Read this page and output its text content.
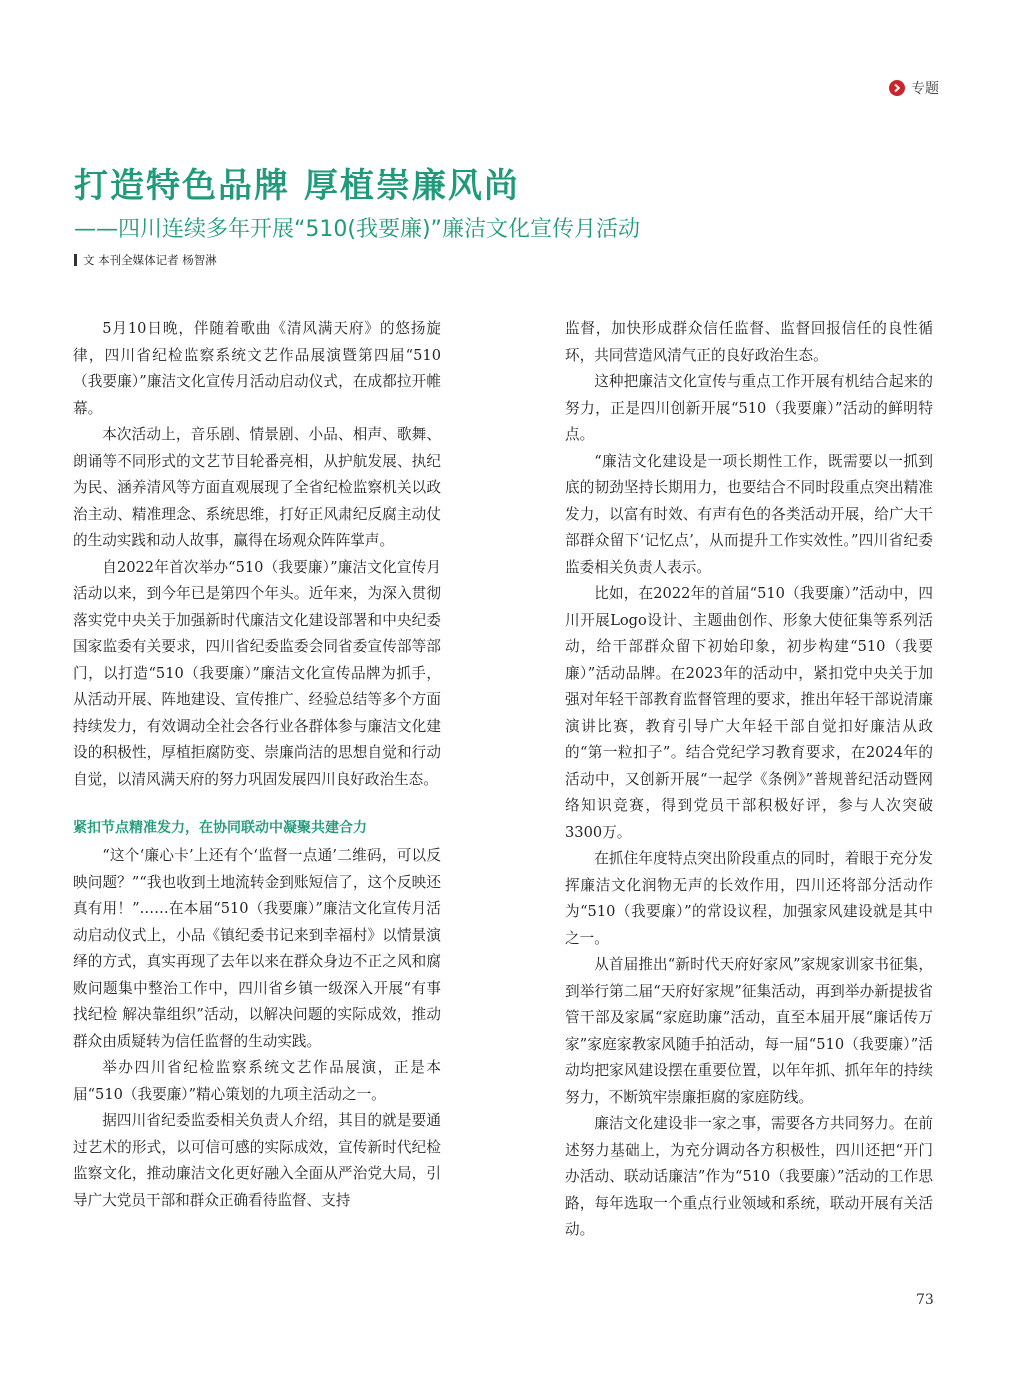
专题
打造特色品牌 厚植崇廉风尚
——四川连续多年开展“510(我要廉)”廉洁文化宣传月活动
文 本刊全媒体记者 杨智淋

5月10日晚，伴随着歌曲《清风满天府》的悠扬旋律，四川省纪检监察系统文艺作品展演暨第四届“510（我要廉）”廉洁文化宣传月活动启动仪式，在成都拉开帷幕。

本次活动上，音乐剧、情景剧、小品、相声、歌舞、朗诵等不同形式的文艺节目轮番亮相，从护航发展、执纪为民、涵养清风等方面直观展现了全省纪检监察机关以政治主动、精准理念、系统思维，打好正风肃纪反腐主动仗的生动实践和动人故事，赢得在场观众阵阵掌声。

自2022年首次举办“510（我要廉）”廉洁文化宣传月活动以来，到今年已是第四个年头。近年来，为深入贯彻落实党中央关于加强新时代廉洁文化建设部署和中央纪委国家监委有关要求，四川省纪委监委会同省委宣传部等部门，以打造“510（我要廉）”廉洁文化宣传品牌为抓手，从活动开展、阵地建设、宣传推广、经验总结等多个方面持续发力，有效调动全社会各行业各群体参与廉洁文化建设的积极性，厚植拒腐防变、崇廉尚洁的思想自觉和行动自觉，以清风满天府的努力巩固发展四川良好政治生态。

紧扣节点精准发力，在协同联动中凝聚共建合力

“这个‘廉心卡’上还有个‘监督一点通’二维码，可以反映问题？”“我也收到土地流转金到账短信了，这个反映还真有用！”……在本届“510（我要廉）”廉洁文化宣传月活动启动仪式上，小品《镇纪委书记来到幸福村》以情景演绎的方式，真实再现了去年以来在群众身边不正之风和腐败问题集中整治工作中，四川省乡镇一级深入开展“有事找纪检 解决靠组织”活动，以解决问题的实际成效，推动群众由质疑转为信任监督的生动实践。

举办四川省纪检监察系统文艺作品展演，正是本届“510（我要廉）”精心策划的九项主活动之一。

据四川省纪委监委相关负责人介绍，其目的就是要通过艺术的形式，以可信可感的实际成效，宣传新时代纪检监察文化，推动廉洁文化更好融入全面从严治党大局，引导广大党员干部和群众正确看待监督、支持

监督，加快形成群众信任监督、监督回报信任的良性循环，共同营造风清气正的良好政治生态。

这种把廉洁文化宣传与重点工作开展有机结合起来的努力，正是四川创新开展“510（我要廉）”活动的鲜明特点。

“廉洁文化建设是一项长期性工作，既需要以一抓到底的韧劲坚持长期用力，也要结合不同时段重点突出精准发力，以富有时效、有声有色的各类活动开展，给广大干部群众留下‘记忆点’，从而提升工作实效性。”四川省纪委监委相关负责人表示。

比如，在2022年的首届“510（我要廉）”活动中，四川开展Logo设计、主题曲创作、形象大使征集等系列活动，给干部群众留下初始印象，初步构建“510（我要廉）”活动品牌。在2023年的活动中，紧扣党中央关于加强对年轻干部教育监督管理的要求，推出年轻干部说清廉演讲比赛，教育引导广大年轻干部自觉扣好廉洁从政的“第一粒扣子”。结合党纪学习教育要求，在2024年的活动中，又创新开展“一起学《条例》”普规普纪活动暨网络知识竞赛，得到党员干部积极好评，参与人次突破3300万。

在抓住年度特点突出阶段重点的同时，着眼于充分发挥廉洁文化润物无声的长效作用，四川还将部分活动作为“510（我要廉）”的常设议程，加强家风建设就是其中之一。

从首届推出“新时代天府好家风”家规家训家书征集，到举行第二届“天府好家规”征集活动，再到举办新提拔省管干部及家属“家庭助廉”活动，直至本届开展“廉话传万家”家庭家教家风随手拍活动，每一届“510（我要廉）”活动均把家风建设摆在重要位置，以年年抓、抓年年的持续努力，不断筑牢崇廉拒腐的家庭防线。

廉洁文化建设非一家之事，需要各方共同努力。在前述努力基础上，为充分调动各方积极性，四川还把“开门办活动、联动话廉洁”作为“510（我要廉）”活动的工作思路，每年选取一个重点行业领域和系统，联动开展有关活动。

73
